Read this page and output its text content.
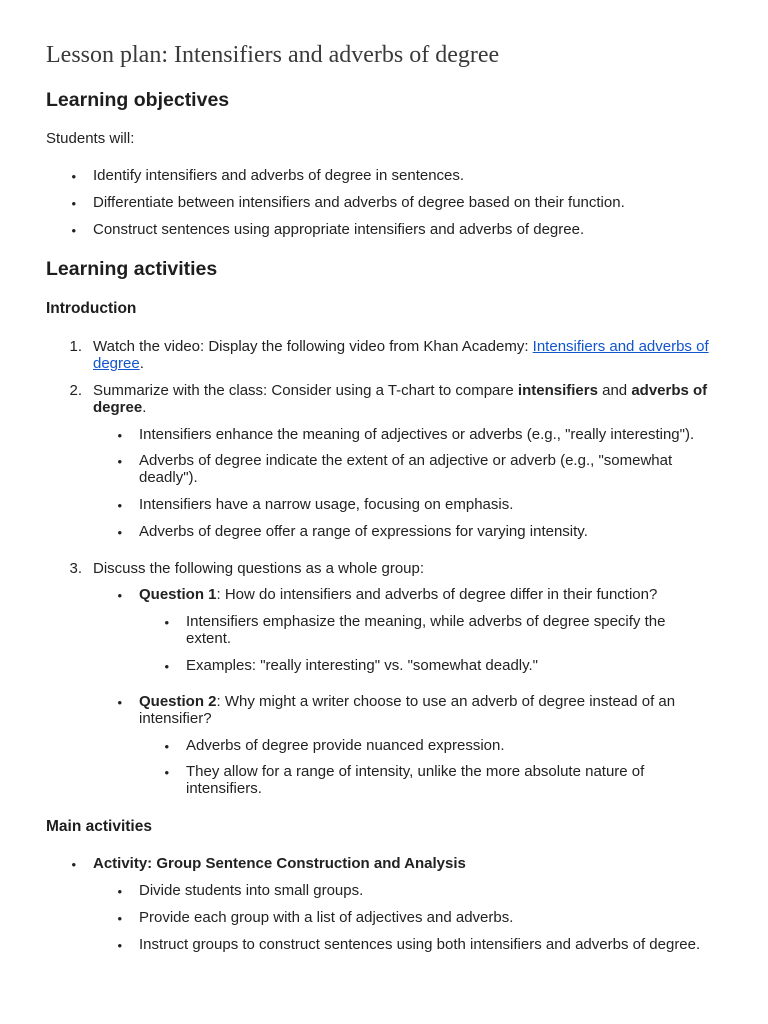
Lesson plan: Intensifiers and adverbs of degree
Learning objectives

Students will:

• Identify intensifiers and adverbs of degree in sentences.
• Differentiate between intensifiers and adverbs of degree based on their function.
• Construct sentences using appropriate intensifiers and adverbs of degree.
Learning activities
Introduction
1. Watch the video: Display the following video from Khan Academy: Intensifiers and adverbs of degree.
2. Summarize with the class: Consider using a T-chart to compare intensifiers and adverbs of degree.
• Intensifiers enhance the meaning of adjectives or adverbs (e.g., "really interesting").
• Adverbs of degree indicate the extent of an adjective or adverb (e.g., "somewhat deadly").
• Intensifiers have a narrow usage, focusing on emphasis.
• Adverbs of degree offer a range of expressions for varying intensity.
3. Discuss the following questions as a whole group:
• Question 1: How do intensifiers and adverbs of degree differ in their function?
• Intensifiers emphasize the meaning, while adverbs of degree specify the extent.
• Examples: "really interesting" vs. "somewhat deadly."
• Question 2: Why might a writer choose to use an adverb of degree instead of an intensifier?
• Adverbs of degree provide nuanced expression.
• They allow for a range of intensity, unlike the more absolute nature of intensifiers.
Main activities
• Activity: Group Sentence Construction and Analysis
• Divide students into small groups.
• Provide each group with a list of adjectives and adverbs.
• Instruct groups to construct sentences using both intensifiers and adverbs of degree.
